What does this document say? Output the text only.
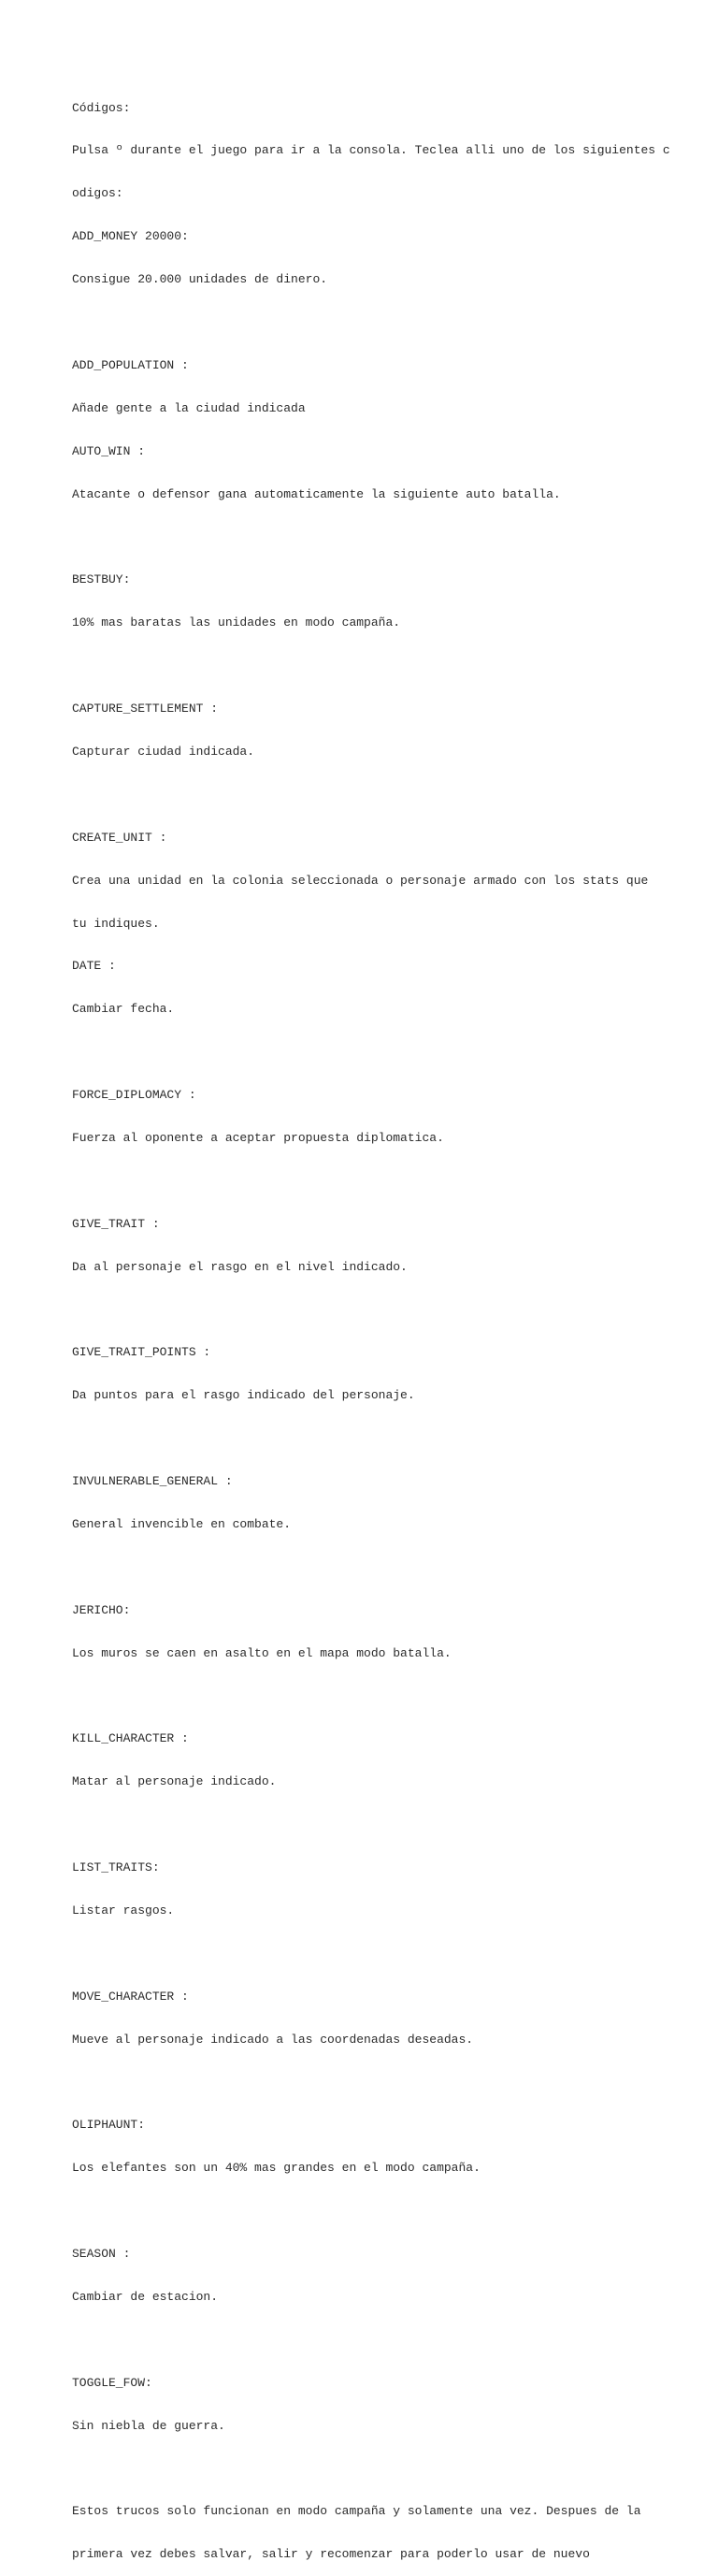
Códigos:

Pulsa º durante el juego para ir a la consola. Teclea alli uno de los siguientes c

odigos:

ADD_MONEY 20000:

Consigue 20.000 unidades de dinero.

ADD_POPULATION :

Añade gente a la ciudad indicada

AUTO_WIN :

Atacante o defensor gana automaticamente la siguiente auto batalla.

BESTBUY:

10% mas baratas las unidades en modo campaña.

CAPTURE_SETTLEMENT :

Capturar ciudad indicada.

CREATE_UNIT :

Crea una unidad en la colonia seleccionada o personaje armado con los stats que

tu indiques.

DATE :

Cambiar fecha.

FORCE_DIPLOMACY :

Fuerza al oponente a aceptar propuesta diplomatica.

GIVE_TRAIT :

Da al personaje el rasgo en el nivel indicado.

GIVE_TRAIT_POINTS :

Da puntos para el rasgo indicado del personaje.

INVULNERABLE_GENERAL :

General invencible en combate.

JERICHO:

Los muros se caen en asalto en el mapa modo batalla.

KILL_CHARACTER :

Matar al personaje indicado.

LIST_TRAITS:

Listar rasgos.

MOVE_CHARACTER :

Mueve al personaje indicado a las coordenadas deseadas.

OLIPHAUNT:

Los elefantes son un 40% mas grandes en el modo campaña.

SEASON :

Cambiar de estacion.

TOGGLE_FOW:

Sin niebla de guerra.

Estos trucos solo funcionan en modo campaña y solamente una vez. Despues de la

primera vez debes salvar, salir y recomenzar para poderlo usar de nuevo
